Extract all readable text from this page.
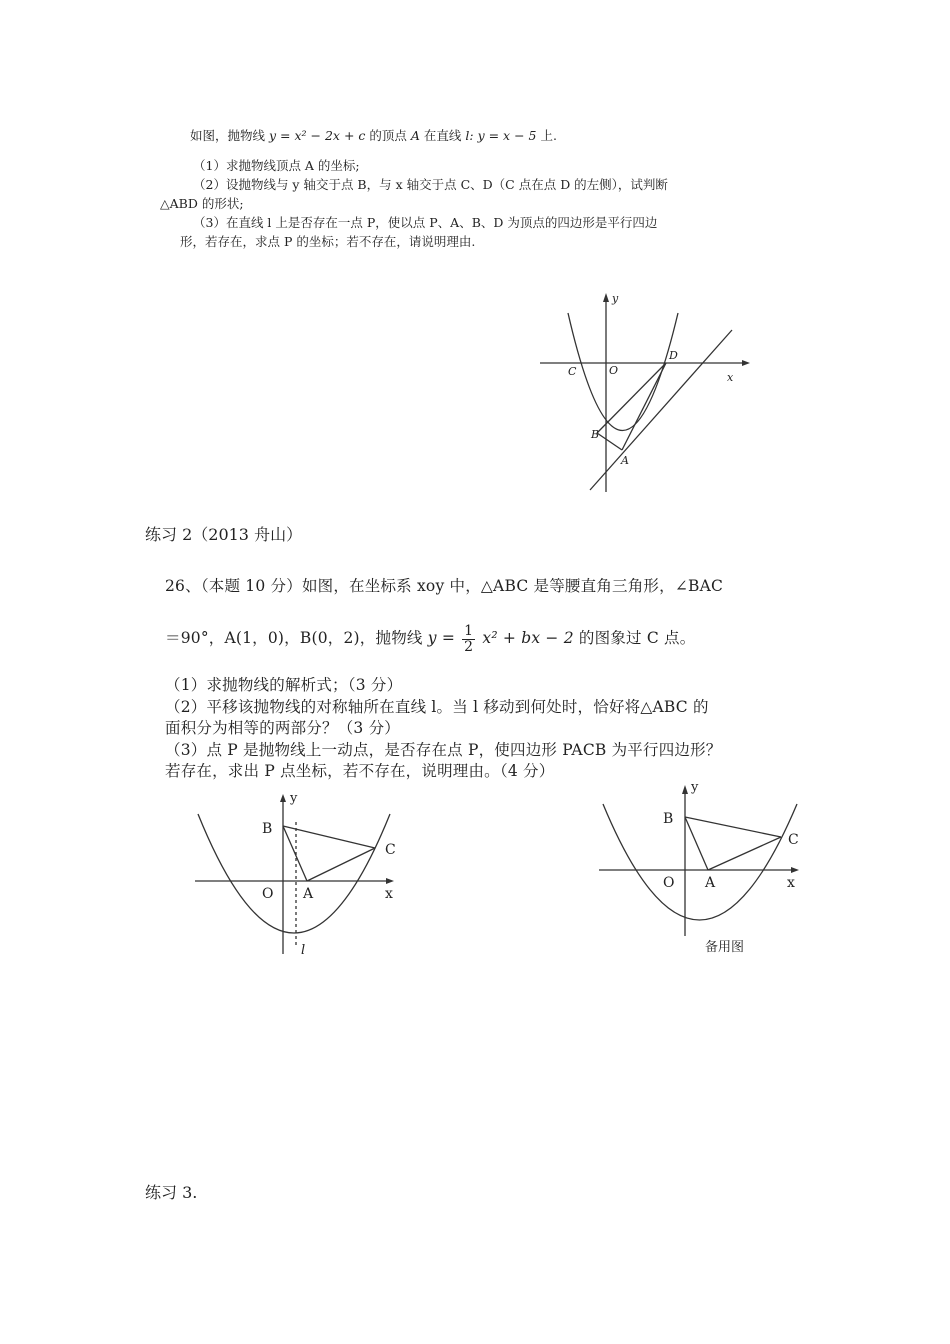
如图，抛物线 y = x² − 2x + c 的顶点 A 在直线 l: y = x − 5 上.
（1）求抛物线顶点 A 的坐标;
（2）设抛物线与 y 轴交于点 B，与 x 轴交于点 C、D（C 点在点 D 的左侧），试判断
△ABD 的形状;
（3）在直线 l 上是否存在一点 P，使以点 P、A、B、D 为顶点的四边形是平行四边
形，若存在，求点 P 的坐标；若不存在，请说明理由.
y
x
C	O
D
B
A
练习 2（2013 舟山）
26、（本题 10 分）如图，在坐标系 xoy 中，△ABC 是等腰直角三角形，∠BAC
＝90°，A(1，0)，B(0，2)，抛物线 $y = \frac{1}{2} x^2$ + bx − 2 的图象过 C 点。
（1）求抛物线的解析式；（3 分）
（2）平移该抛物线的对称轴所在直线 l。当 l 移动到何处时，恰好将△ABC 的
面积分为相等的两部分？（3 分）
（3）点 P 是抛物线上一动点，是否存在点 P，使四边形 PACB 为平行四边形？
若存在，求出 P 点坐标，若不存在，说明理由。（4 分）
y
B
C
O A	x
l
y
B
C
O A	x
备用图
练习 3.
